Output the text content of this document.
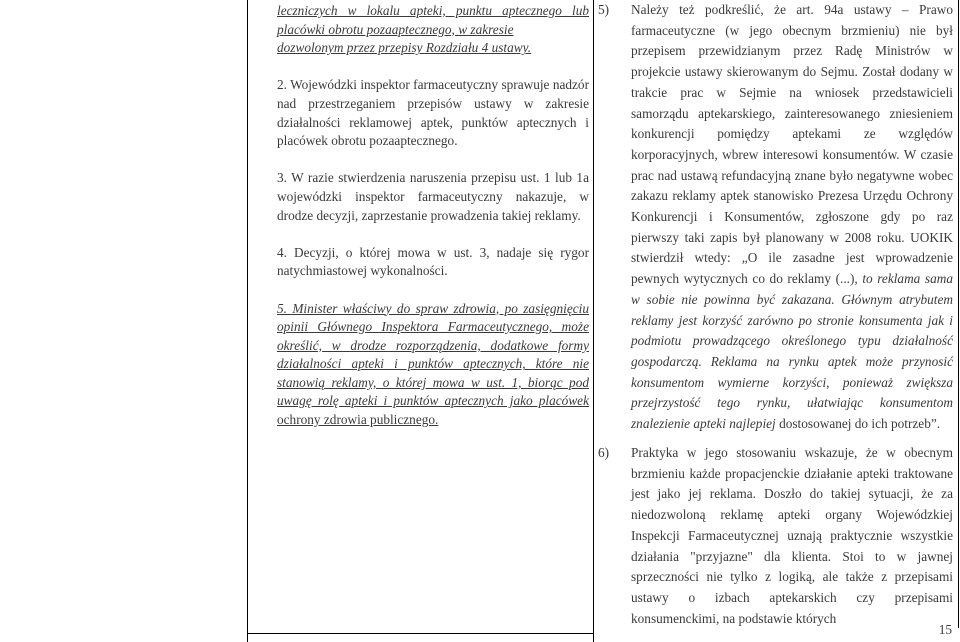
leczniczych w lokalu apteki, punktu aptecznego lub placówki obrotu pozaaptecznego, w zakresie

dozwolonym przez przepisy Rozdziału 4 ustawy.

2. Wojewódzki inspektor farmaceutyczny sprawuje nadzór nad przestrzeganiem przepisów ustawy w zakresie działalności reklamowej aptek, punktów aptecznych i placówek obrotu pozaaptecznego.

3. W razie stwierdzenia naruszenia przepisu ust. 1 lub 1a wojewódzki inspektor farmaceutyczny nakazuje, w drodze decyzji, zaprzestanie prowadzenia takiej reklamy.

4. Decyzji, o której mowa w ust. 3, nadaje się rygor natychmiastowej wykonalności.

5. Minister właściwy do spraw zdrowia, po zasięgnięciu opinii Głównego Inspektora Farmaceutycznego, może określić, w drodze rozporządzenia, dodatkowe formy działalności apteki i punktów aptecznych, które nie stanowią reklamy, o której mowa w ust. 1, biorąc pod uwagę rolę apteki i punktów aptecznych jako placówek ochrony zdrowia publicznego.

5) Należy też podkreślić, że art. 94a ustawy – Prawo farmaceutyczne (w jego obecnym brzmieniu) nie był przepisem przewidzianym przez Radę Ministrów w projekcie ustawy skierowanym do Sejmu. Został dodany w trakcie prac w Sejmie na wniosek przedstawicieli samorządu aptekarskiego, zainteresowanego zniesieniem konkurencji pomiędzy aptekami ze względów korporacyjnych, wbrew interesowi konsumentów. W czasie prac nad ustawą refundacyjną znane było negatywne wobec zakazu reklamy aptek stanowisko Prezesa Urzędu Ochrony Konkurencji i Konsumentów, zgłoszone gdy po raz pierwszy taki zapis był planowany w 2008 roku. UOKIK stwierdził wtedy: „O ile zasadne jest wprowadzenie pewnych wytycznych co do reklamy (...), to reklama sama w sobie nie powinna być zakazana. Głównym atrybutem reklamy jest korzyść zarówno po stronie konsumenta jak i podmiotu prowadzącego określonego typu działalność gospodarczą. Reklama na rynku aptek może przynosić konsumentom wymierne korzyści, ponieważ zwiększa przejrzystość tego rynku, ułatwiając konsumentom znalezienie apteki najlepiej dostosowanej do ich potrzeb”.
6) Praktyka w jego stosowaniu wskazuje, że w obecnym brzmieniu każde propacjenckie działanie apteki traktowane jest jako jej reklama. Doszło do takiej sytuacji, że za niedozwoloną reklamę apteki organy Wojewódzkiej Inspekcji Farmaceutycznej uznają praktycznie wszystkie działania "przyjazne" dla klienta. Stoi to w jawnej sprzeczności nie tylko z logiką, ale także z przepisami ustawy o izbach aptekarskich czy przepisami konsumenckimi, na podstawie których
15
